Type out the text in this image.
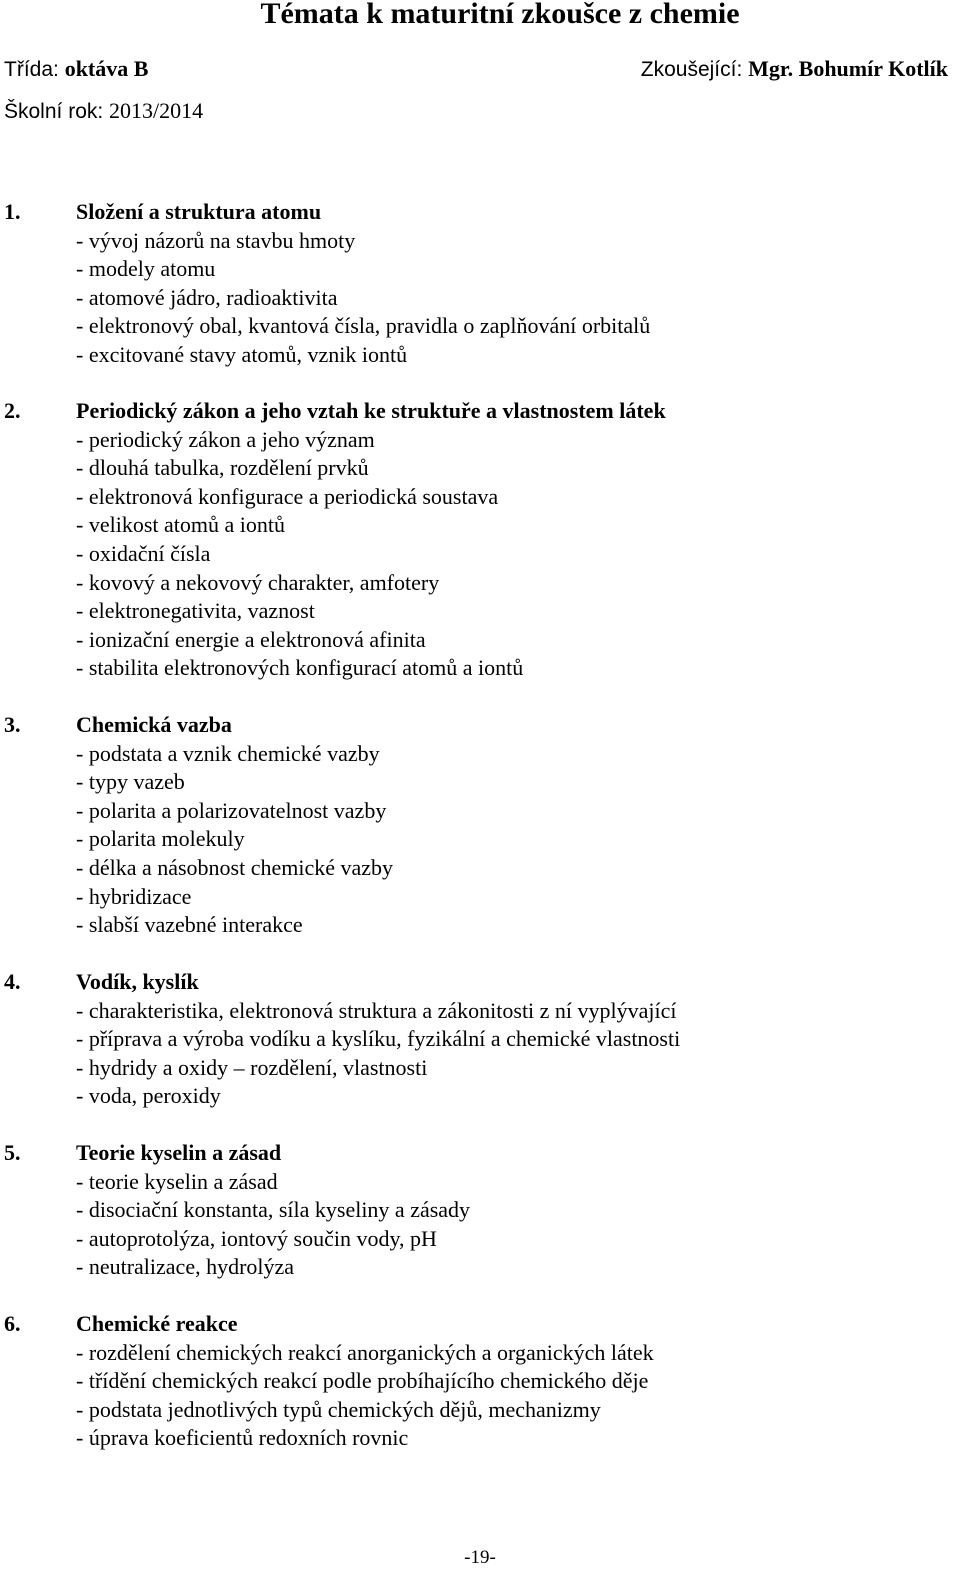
Témata k maturitní zkoušce z chemie
Třída: oktáva B	Zkoušející: Mgr. Bohumír Kotlík
Školní rok: 2013/2014
1.	Složení a struktura atomu
- vývoj názorů na stavbu hmoty
- modely atomu
- atomové jádro, radioaktivita
- elektronový obal, kvantová čísla, pravidla o zaplňování orbitalů
- excitované stavy atomů, vznik iontů
2.	Periodický zákon a jeho vztah ke struktuře a vlastnostem látek
- periodický zákon a jeho význam
- dlouhá tabulka, rozdělení prvků
- elektronová konfigurace a periodická soustava
- velikost atomů a iontů
- oxidační čísla
- kovový a nekovový charakter, amfotery
- elektronegativita, vaznost
- ionizační energie a elektronová afinita
- stabilita elektronových konfigurací atomů a iontů
3.	Chemická vazba
- podstata a vznik chemické vazby
- typy vazeb
- polarita a polarizovatelnost vazby
- polarita molekuly
- délka a násobnost chemické vazby
- hybridizace
- slabší vazebné interakce
4.	Vodík, kyslík
- charakteristika, elektronová struktura a zákonitosti z ní vyplývající
- příprava a výroba vodíku a kyslíku, fyzikální a chemické vlastnosti
- hydridy a oxidy – rozdělení, vlastnosti
- voda, peroxidy
5.	Teorie kyselin a zásad
- teorie kyselin a zásad
- disociační konstanta, síla kyseliny a zásady
- autoprotolýza, iontový součin vody, pH
- neutralizace, hydrolýza
6.	Chemické reakce
- rozdělení chemických reakcí anorganických a organických látek
- třídění chemických reakcí podle probíhajícího chemického děje
- podstata jednotlivých typů chemických dějů, mechanizmy
- úprava koeficientů redoxních rovnic
-19-
